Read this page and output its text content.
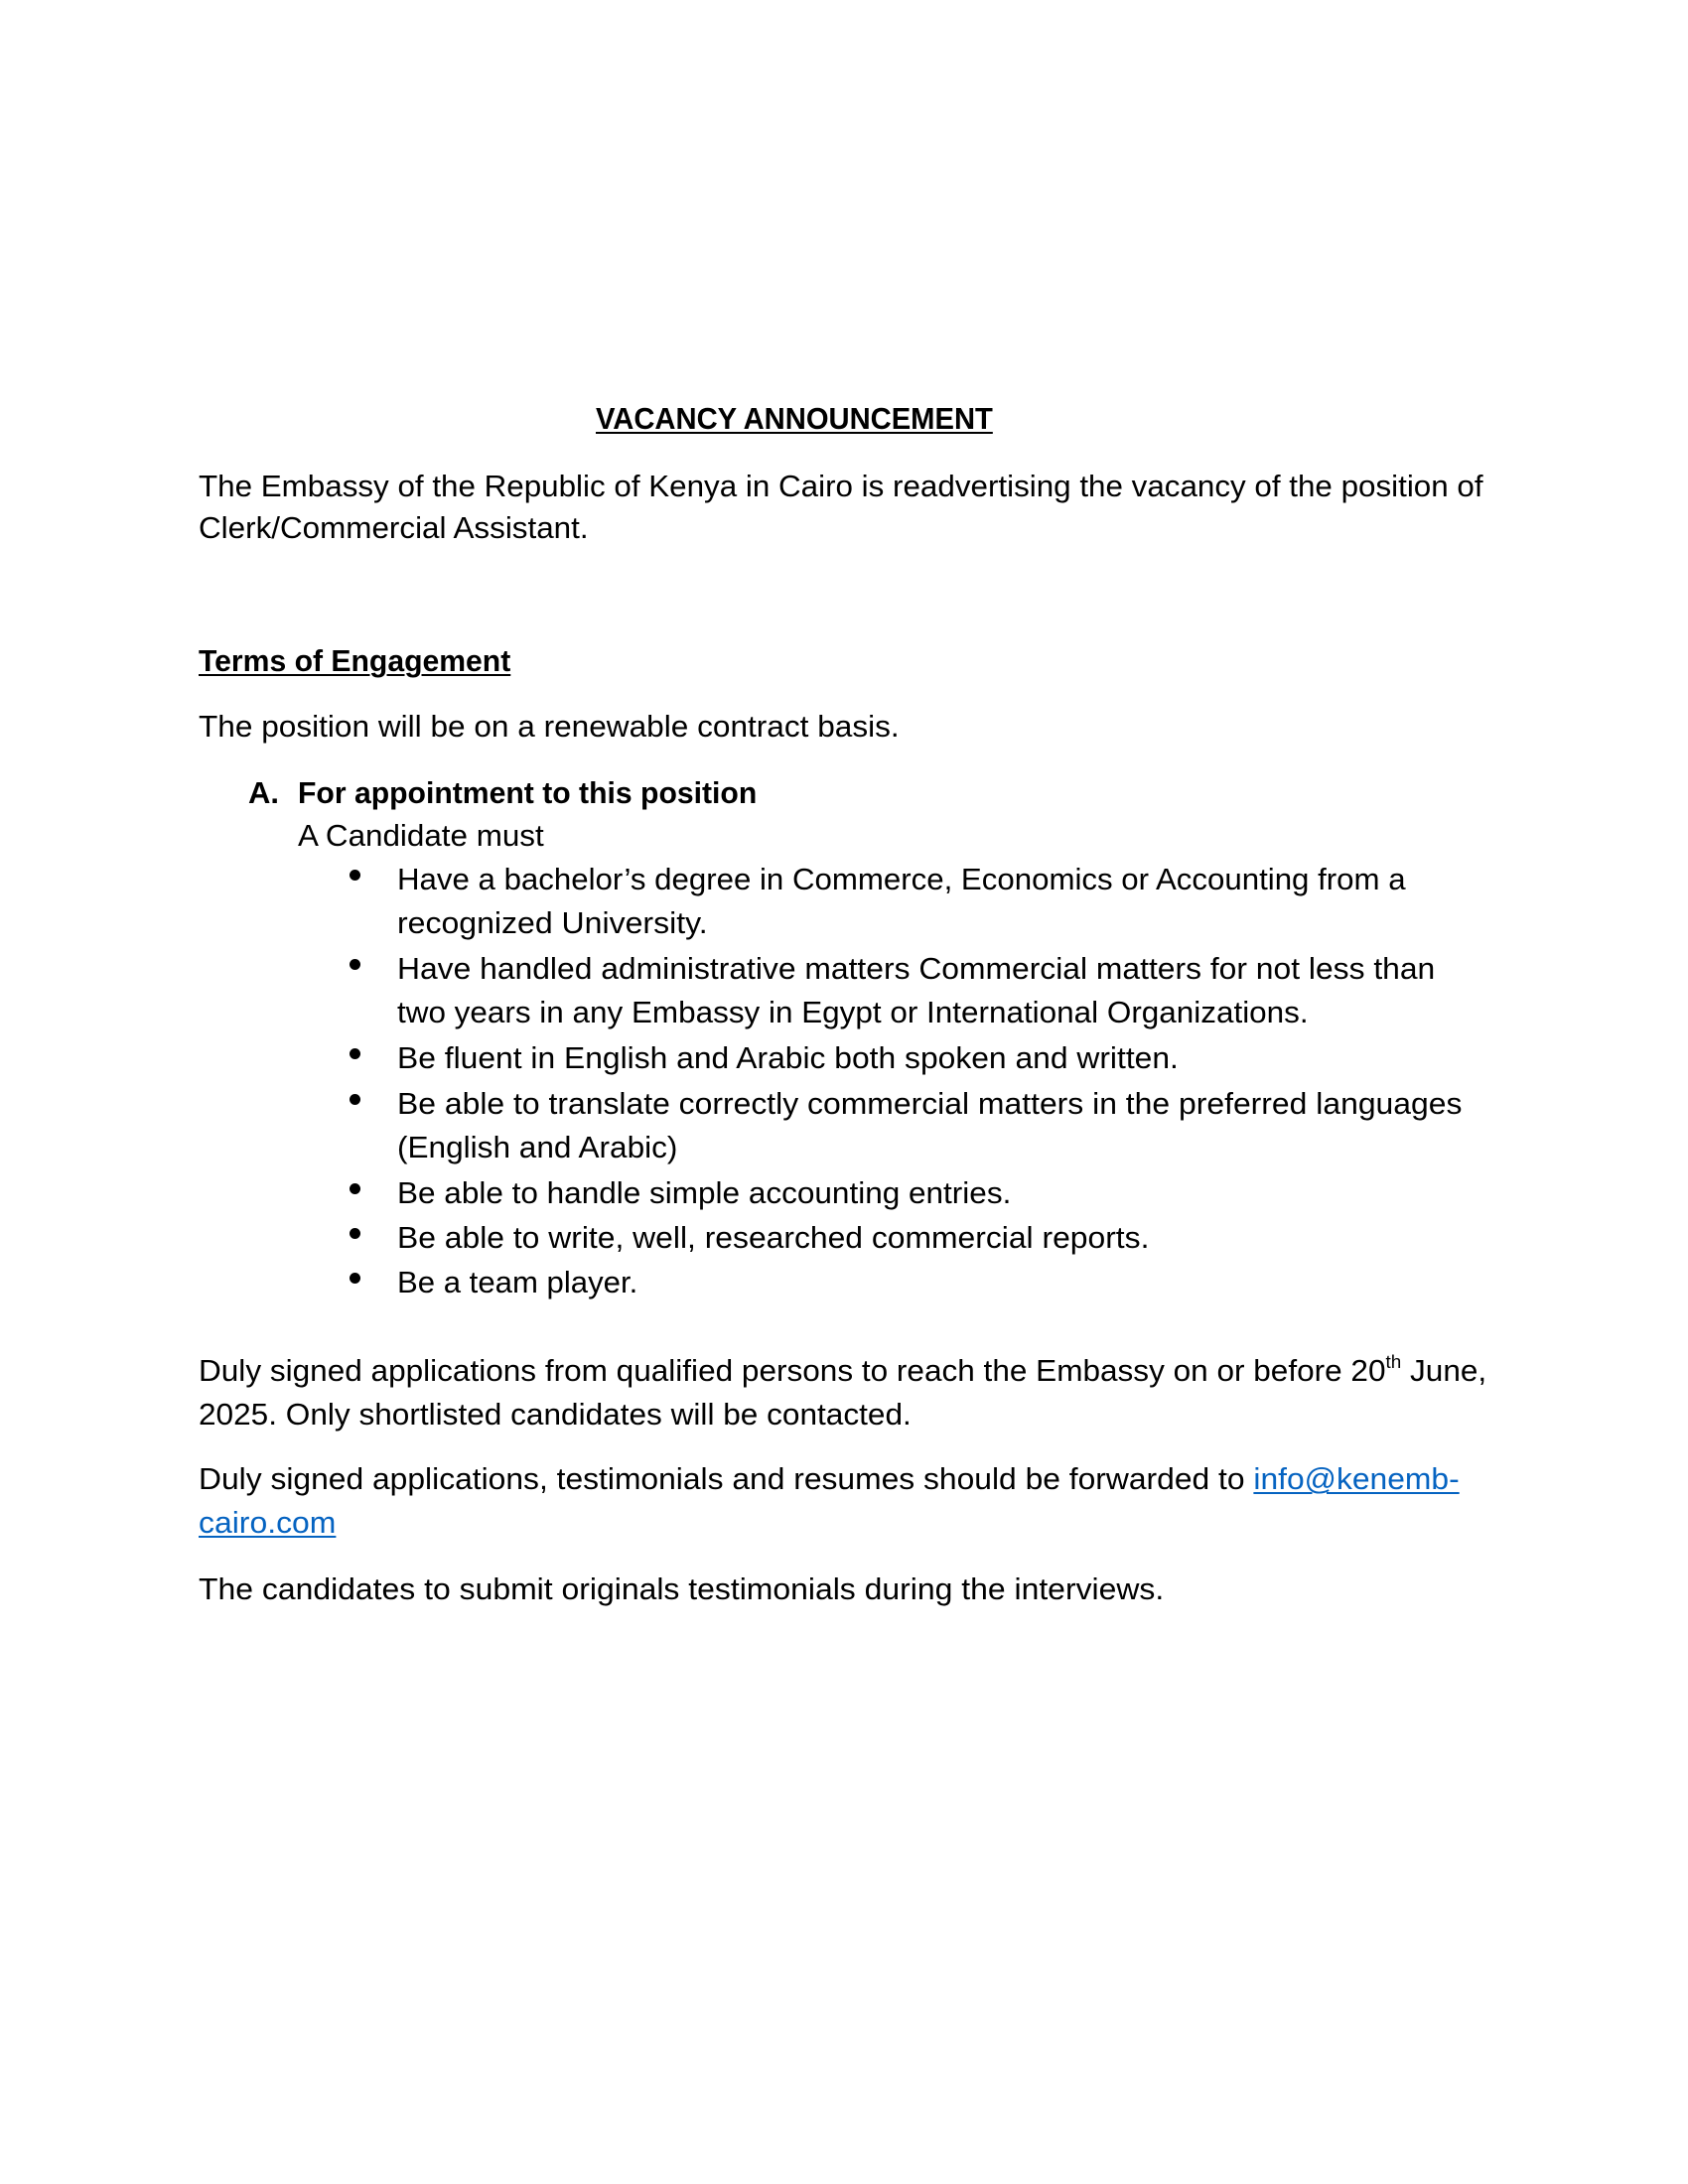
VACANCY ANNOUNCEMENT
The Embassy of the Republic of Kenya in Cairo is readvertising the vacancy of the position of
Clerk/Commercial Assistant.
Terms of Engagement
The position will be on a renewable contract basis.
A. For appointment to this position
A Candidate must
Have a bachelor’s degree in Commerce, Economics or Accounting from a
recognized University.
Have handled administrative matters Commercial matters for not less than
two years in any Embassy in Egypt or International Organizations.
Be fluent in English and Arabic both spoken and written.
Be able to translate correctly commercial matters in the preferred languages
(English and Arabic)
Be able to handle simple accounting entries.
Be able to write, well, researched commercial reports.
Be a team player.
Duly signed applications from qualified persons to reach the Embassy on or before 20th June,
2025. Only shortlisted candidates will be contacted.
Duly signed applications, testimonials and resumes should be forwarded to info@kenemb-
cairo.com
The candidates to submit originals testimonials during the interviews.
